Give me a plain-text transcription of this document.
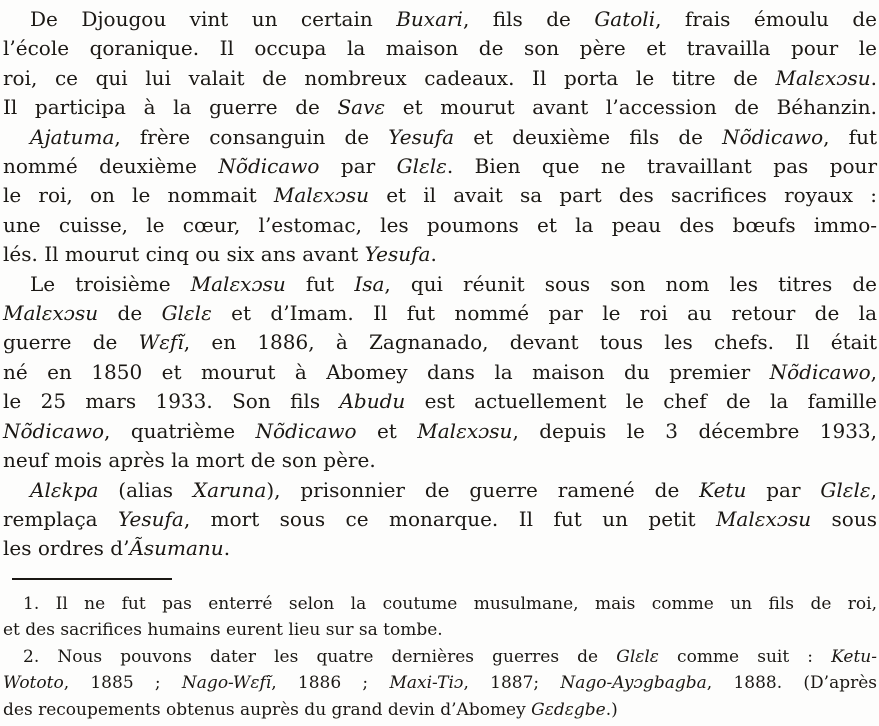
De Djougou vint un certain Buxari, fils de Gatoli, frais émoulu de
l’école qoranique. Il occupa la maison de son père et travailla pour le
roi, ce qui lui valait de nombreux cadeaux. Il porta le titre de Malɛxɔsu.
Il participa à la guerre de Savɛ et mourut avant l’accession de Béhanzin.
Ajatuma, frère consanguin de Yesufa et deuxième fils de Nõdicawo, fut
nommé deuxième Nõdicawo par Glɛlɛ. Bien que ne travaillant pas pour
le roi, on le nommait Malɛxɔsu et il avait sa part des sacrifices royaux :
une cuisse, le cœur, l’estomac, les poumons et la peau des bœufs immo-
lés. Il mourut cinq ou six ans avant Yesufa.
Le troisième Malɛxɔsu fut Isa, qui réunit sous son nom les titres de
Malɛxɔsu de Glɛlɛ et d’Imam. Il fut nommé par le roi au retour de la
guerre de Wɛfĩ, en 1886, à Zagnanado, devant tous les chefs. Il était
né en 1850 et mourut à Abomey dans la maison du premier Nõdicawo,
le 25 mars 1933. Son fils Abudu est actuellement le chef de la famille
Nõdicawo, quatrième Nõdicawo et Malɛxɔsu, depuis le 3 décembre 1933,
neuf mois après la mort de son père.
Alɛkpa (alias Xaruna), prisonnier de guerre ramené de Ketu par Glɛlɛ,
remplaça Yesufa, mort sous ce monarque. Il fut un petit Malɛxɔsu sous
les ordres d’Ãsumanu.
1. Il ne fut pas enterré selon la coutume musulmane, mais comme un fils de roi,
et des sacrifices humains eurent lieu sur sa tombe.
2. Nous pouvons dater les quatre dernières guerres de Glɛlɛ comme suit : Ketu-
Wototo, 1885 ; Nago-Wɛfĩ, 1886 ; Maxi-Tiɔ, 1887; Nago-Ayɔgbagba, 1888. (D’après
des recoupements obtenus auprès du grand devin d’Abomey Gɛdɛgbe.)
